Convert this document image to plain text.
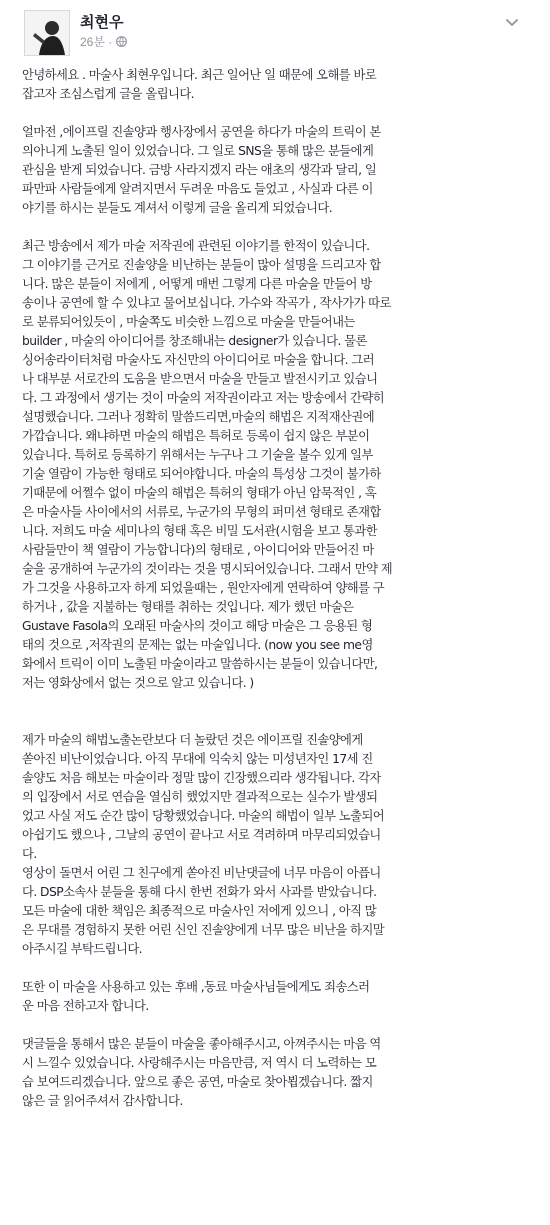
최현우
26분 ·
안녕하세요 . 마술사 최현우입니다. 최근 일어난 일 때문에 오해를 바로
잡고자 조심스럽게 글을 올립니다.
얼마전 ,에이프릴 진솔양과 행사장에서 공연을 하다가 마술의 트릭이 본
의아니게 노출된 일이 있었습니다. 그 일로 SNS을 통해 많은 분들에게
관심을 받게 되었습니다. 금방 사라지겠지 라는 애초의 생각과 달리, 일
파만파 사람들에게 알려지면서 두려운 마음도 들었고 , 사실과 다른 이
야기를 하시는 분들도 계셔서 이렇게 글을 올리게 되었습니다.
최근 방송에서 제가 마술 저작권에 관련된 이야기를 한적이 있습니다.
그 이야기를 근거로 진솔양을 비난하는 분들이 많아 설명을 드리고자 합
니다. 많은 분들이 저에게 , 어떻게 매번 그렇게 다른 마술을 만들어 방
송이나 공연에 할 수 있냐고 물어보십니다. 가수와 작곡가 , 작사가가 따로
로 분류되어있듯이 , 마술쪽도 비슷한 느낌으로 마술을 만들어내는
builder , 마술의 아이디어를 창조해내는 designer가 있습니다. 물론
싱어송라이터처럼 마술사도 자신만의 아이디어로 마술을 합니다. 그러
나 대부분 서로간의 도움을 받으면서 마술을 만들고 발전시키고 있습니
다. 그 과정에서 생기는 것이 마술의 저작권이라고 저는 방송에서 간략히
설명했습니다. 그러나 정확히 말씀드리면,마술의 해법은 지적재산권에
가깝습니다. 왜냐하면 마술의 해법은 특허로 등록이 쉽지 않은 부분이
있습니다. 특허로 등록하기 위해서는 누구나 그 기술을 볼수 있게 일부
기술 열람이 가능한 형태로 되어야합니다. 마술의 특성상 그것이 불가하
기때문에 어쩔수 없이 마술의 해법은 특허의 형태가 아닌 암묵적인 , 혹
은 마술사들 사이에서의 서류로, 누군가의 무형의 퍼미션 형태로 존재합
니다. 저희도 마술 세미나의 형태 혹은 비밀 도서관(시험을 보고 통과한
사람들만이 책 열람이 가능합니다)의 형태로 , 아이디어와 만들어진 마
술을 공개하여 누군가의 것이라는 것을 명시되어있습니다. 그래서 만약 제
가 그것을 사용하고자 하게 되었을때는 , 원안자에게 연락하여 양해를 구
하거나 , 값을 지불하는 형태를 취하는 것입니다. 제가 했던 마술은
Gustave Fasola의 오래된 마술사의 것이고 해당 마술은 그 응용된 형
태의 것으로 ,저작권의 문제는 없는 마술입니다. (now you see me영
화에서 트릭이 이미 노출된 마술이라고 말씀하시는 분들이 있습니다만,
저는 영화상에서 없는 것으로 알고 있습니다. )
제가 마술의 해법노출논란보다 더 놀랐던 것은 에이프릴 진솔양에게
쏟아진 비난이었습니다. 아직 무대에 익숙치 않는 미성년자인 17세 진
솔양도 처음 해보는 마술이라 정말 많이 긴장했으리라 생각됩니다. 각자
의 입장에서 서로 연습을 열심히 했었지만 결과적으로는 실수가 발생되
었고 사실 저도 순간 많이 당황했었습니다. 마술의 해법이 일부 노출되어
아쉽기도 했으나 , 그날의 공연이 끝나고 서로 격려하며 마무리되었습니
다.
영상이 돌면서 어린 그 친구에게 쏟아진 비난댓글에 너무 마음이 아픕니
다. DSP소속사 분들을 통해 다시 한번 전화가 와서 사과를 받았습니다.
모든 마술에 대한 책임은 최종적으로 마술사인 저에게 있으니 , 아직 많
은 무대를 경험하지 못한 어린 신인 진솔양에게 너무 많은 비난을 하지말
아주시길 부탁드립니다.
또한 이 마술을 사용하고 있는 후배 ,동료 마술사님들에게도 죄송스러
운 마음 전하고자 합니다.
댓글들을 통해서 많은 분들이 마술을 좋아해주시고, 아껴주시는 마음 역
시 느낄수 있었습니다. 사랑해주시는 마음만큼, 저 역시 더 노력하는 모
습 보여드리겠습니다. 앞으로 좋은 공연, 마술로 찾아뵙겠습니다. 짧지
않은 글 읽어주셔서 감사합니다.
